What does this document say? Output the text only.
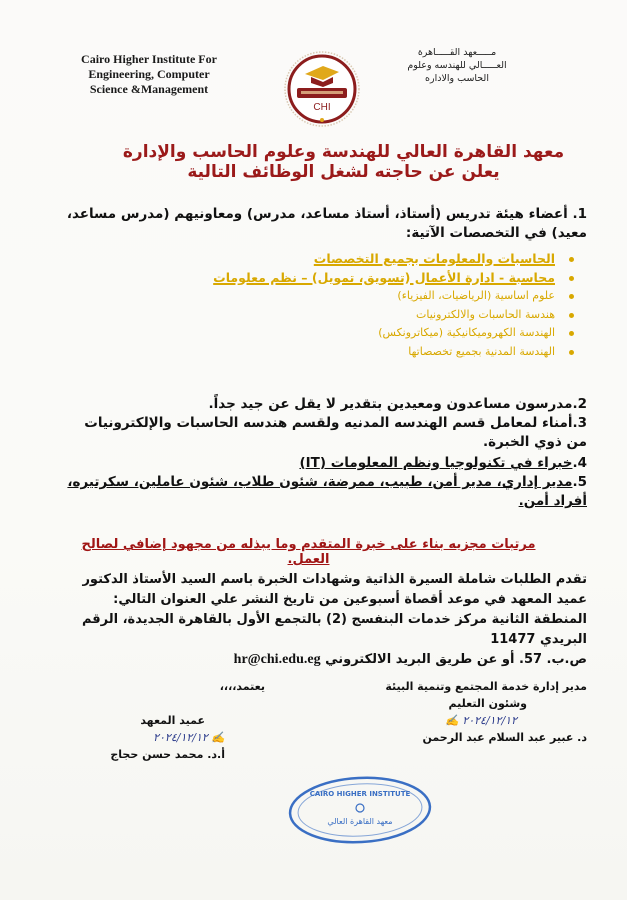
Cairo Higher Institute For
Engineering, Computer
Science &Management
CHI
مـــــعهد القـــــاهرة
العـــــالي للهندسه وعلوم
الحاسب والاداره
معهد القاهرة العالي للهندسة وعلوم الحاسب والإدارة
يعلن عن حاجته لشغل الوظائف التالية
1. أعضاء هيئة تدريس (أستاذ، أستاذ مساعد، مدرس) ومعاونيهم (مدرس مساعد، معيد) في التخصصات الآتية:
الحاسبات والمعلومات بجميع التخصصات
محاسبة - ادارة الأعمال (تسويق، تمويل) – نظم معلومات
علوم اساسية (الرياضيات، الفيزياء)
هندسة الحاسبات والالكترونيات
الهندسة الكهروميكانيكية (ميكاترونكس)
الهندسة المدنية بجميع تخصصاتها
2.مدرسون مساعدون ومعيدين بتقدير لا يقل عن جيد جداً.
3.أمناء لمعامل قسم الهندسه المدنيه ولقسم هندسه الحاسبات والإلكترونيات من ذوي الخبرة.
4.خبراء في تكنولوجيا ونظم المعلومات (IT)
5.مدير إداري، مدير أمن، طبيب، ممرضة، شئون طلاب، شئون عاملين، سكرتيره، أفراد أمن.
مرتبات مجزيه بناء على خبرة المتقدم وما يبذله من مجهود إضافي لصالح العمل.
تقدم الطلبات شاملة السيرة الذاتية وشهادات الخبرة باسم السيد الأستاذ الدكتور عميد المعهد في موعد أقصاة أسبوعين من تاريخ النشر علي العنوان التالي:
المنطقة الثانية مركز خدمات البنفسج (2) بالتجمع الأول بالقاهرة الجديدة، الرقم البريدي 11477
ص.ب. 57. أو عن طريق البريد الالكتروني hr@chi.edu.eg
مدير إدارة خدمة المجتمع وتنمية البيئة
وشئون التعليم
٢٠٢٤/١٢/١٢ ✍
د. عبير عبد السلام عبد الرحمن
يعتمد،،،،
عميد المعهد
✍ ٢٠٢٤/١٢/١٢
أ.د. محمد حسن حجاج
CAIRO HIGHER INSTITUTE
معهد القاهرة العالي
